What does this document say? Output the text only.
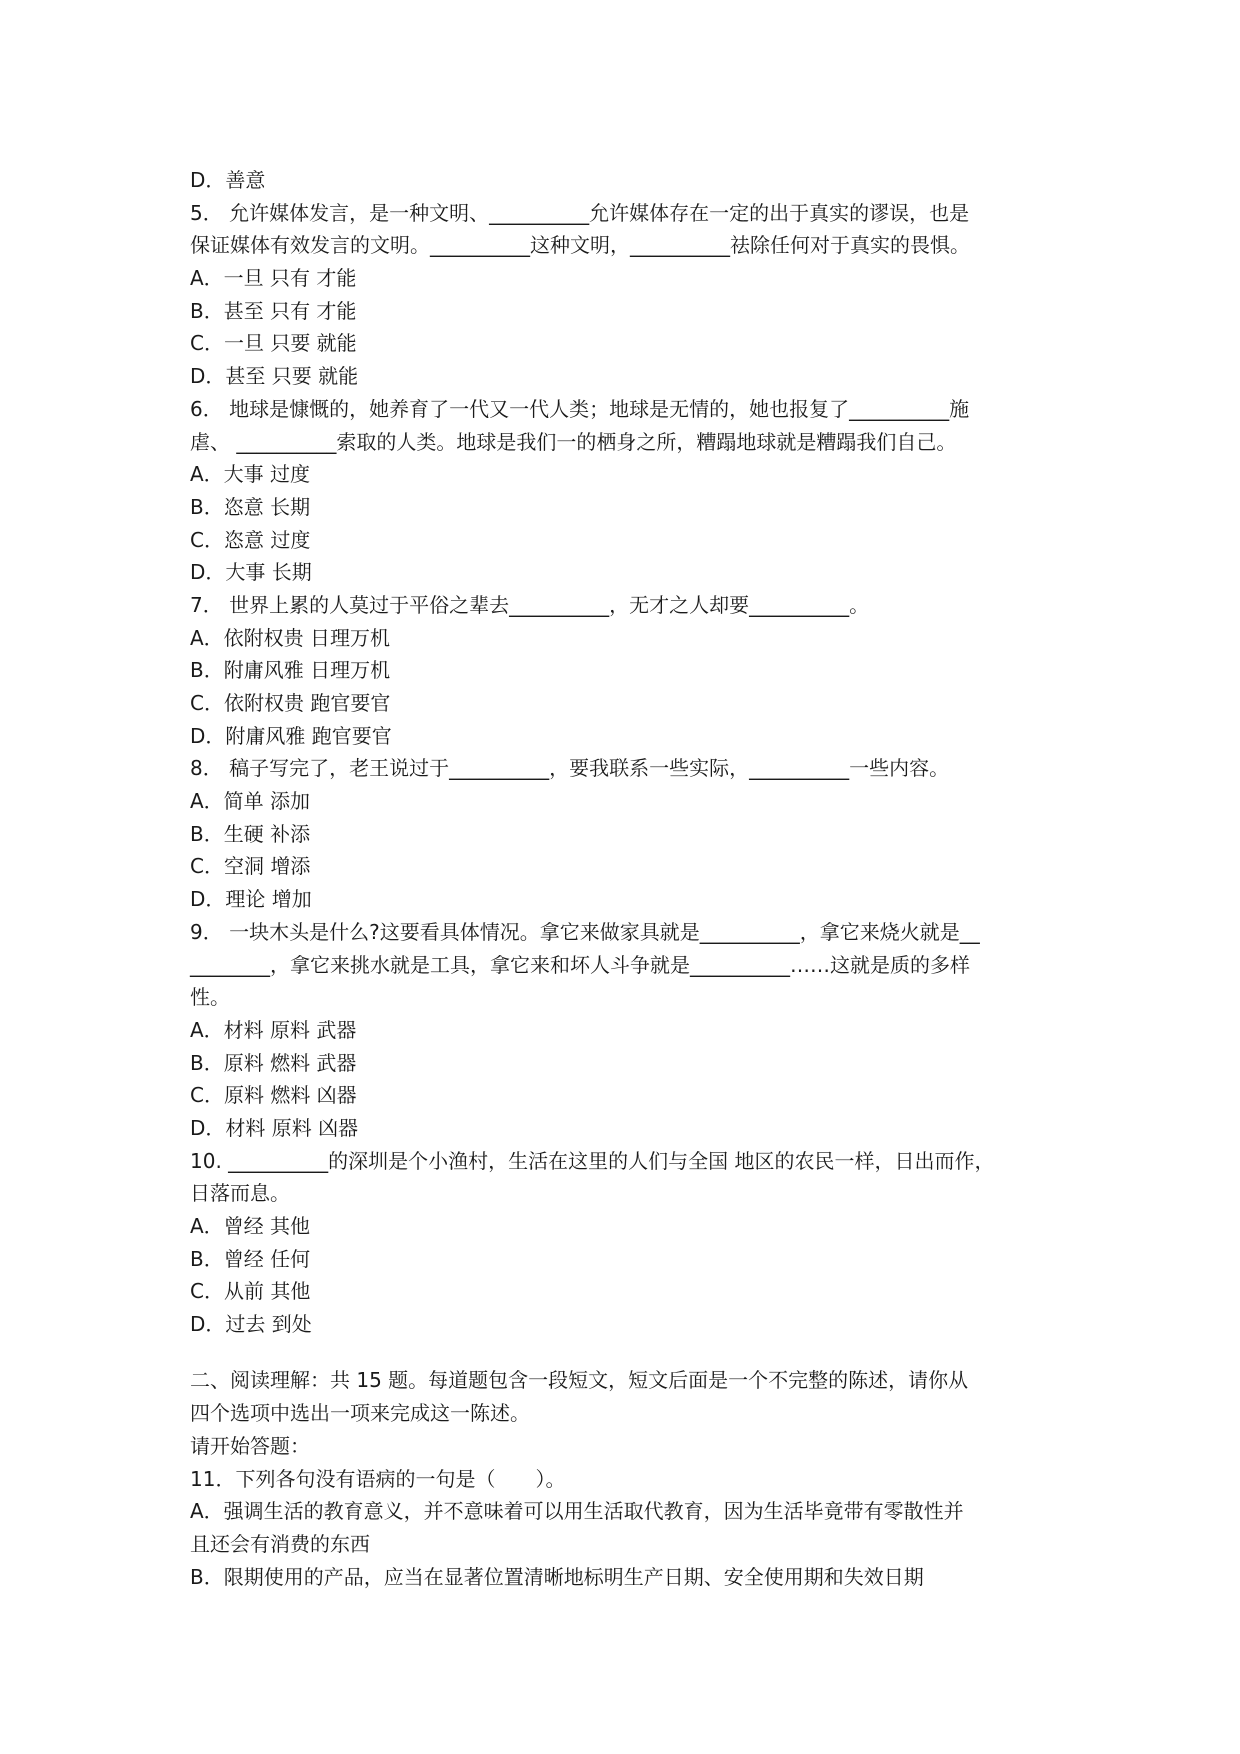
D．善意
5． 允许媒体发言，是一种文明、__________允许媒体存在一定的出于真实的谬误，也是
保证媒体有效发言的文明。__________这种文明，__________祛除任何对于真实的畏惧。
A．一旦 只有 才能
B．甚至 只有 才能
C．一旦 只要 就能
D．甚至 只要 就能
6． 地球是慷慨的，她养育了一代又一代人类；地球是无情的，她也报复了__________施
虐、 __________索取的人类。地球是我们一的栖身之所，糟蹋地球就是糟蹋我们自己。
A．大事 过度
B．恣意 长期
C．恣意 过度
D．大事 长期
7． 世界上累的人莫过于平俗之辈去__________，无才之人却要__________。
A．依附权贵 日理万机
B．附庸风雅 日理万机
C．依附权贵 跑官要官
D．附庸风雅 跑官要官
8． 稿子写完了，老王说过于__________，要我联系一些实际，__________一些内容。
A．简单 添加
B．生硬 补添
C．空洞 增添
D．理论 增加
9． 一块木头是什么?这要看具体情况。拿它来做家具就是__________，拿它来烧火就是__
________，拿它来挑水就是工具，拿它来和坏人斗争就是__________……这就是质的多样
性。
A．材料 原料 武器
B．原料 燃料 武器
C．原料 燃料 凶器
D．材料 原料 凶器
10. __________的深圳是个小渔村，生活在这里的人们与全国 地区的农民一样，日出而作，
日落而息。
A．曾经 其他
B．曾经 任何
C．从前 其他
D．过去 到处
二、阅读理解：共 15 题。每道题包含一段短文，短文后面是一个不完整的陈述，请你从
四个选项中选出一项来完成这一陈述。
请开始答题：
11．下列各句没有语病的一句是（　　）。
A．强调生活的教育意义，并不意味着可以用生活取代教育，因为生活毕竟带有零散性并
且还会有消费的东西
B．限期使用的产品，应当在显著位置清晰地标明生产日期、安全使用期和失效日期
